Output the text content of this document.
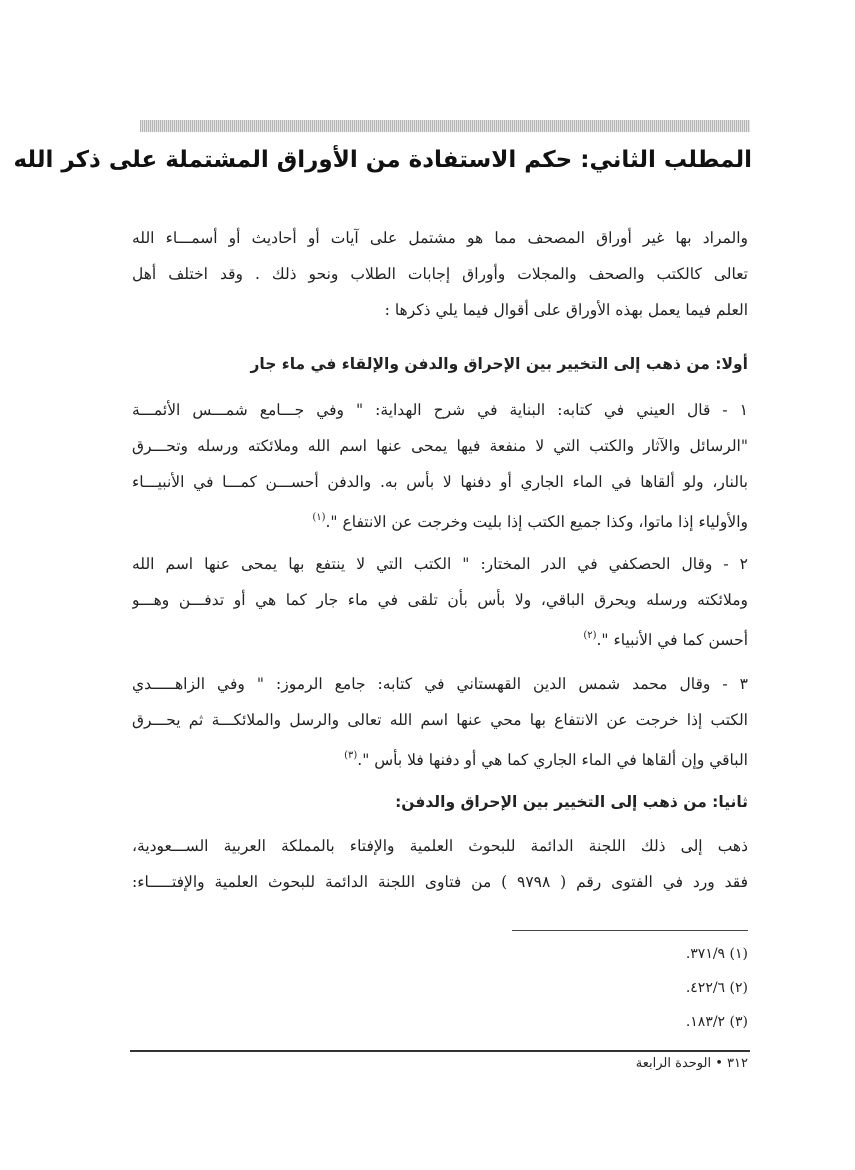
المطلب الثاني: حكم الاستفادة من الأوراق المشتملة على ذكر الله
والمراد بها غير أوراق المصحف مما هو مشتمل على آيات أو أحاديث أو أسمـــاء الله
تعالى كالكتب والصحف والمجلات وأوراق إجابات الطلاب ونحو ذلك . وقد اختلف أهل
العلم فيما يعمل بهذه الأوراق على أقوال فيما يلي ذكرها :
أولا: من ذهب إلى التخيير بين الإحراق والدفن والإلقاء في ماء جار
١ - قال العيني في كتابه: البناية في شرح الهداية: " وفي جـــامع شمـــس الأئمـــة
"الرسائل والآثار والكتب التي لا منفعة فيها يمحى عنها اسم الله وملائكته ورسله وتحـــرق
بالنار، ولو ألقاها في الماء الجاري أو دفنها لا بأس به. والدفن أحســـن كمـــا في الأنبيـــاء
والأولياء إذا ماتوا، وكذا جميع الكتب إذا بليت وخرجت عن الانتفاع ".$^{(١)}$
٢ - وقال الحصكفي في الدر المختار: " الكتب التي لا ينتفع بها يمحى عنها اسم الله
وملائكته ورسله ويحرق الباقي، ولا بأس بأن تلقى في ماء جار كما هي أو تدفـــن وهـــو
أحسن كما في الأنبياء ".$^{(٢)}$
٣ - وقال محمد شمس الدين القهستاني في كتابه: جامع الرموز: " وفي الزاهـــــدي
الكتب إذا خرجت عن الانتفاع بها محي عنها اسم الله تعالى والرسل والملائكـــة ثم يحـــرق
الباقي وإن ألقاها في الماء الجاري كما هي أو دفنها فلا بأس ".$^{(٣)}$
ثانيا: من ذهب إلى التخيير بين الإحراق والدفن:
ذهب إلى ذلك اللجنة الدائمة للبحوث العلمية والإفتاء بالمملكة العربية الســـعودية،
فقد ورد في الفتوى رقم ( ٩٧٩٨ ) من فتاوى اللجنة الدائمة للبحوث العلمية والإفتـــــاء:
(١) ٣٧١/٩.
(٢) ٤٢٢/٦.
(٣) ١٨٣/٢.
٣١٢ • الوحدة الرابعة
